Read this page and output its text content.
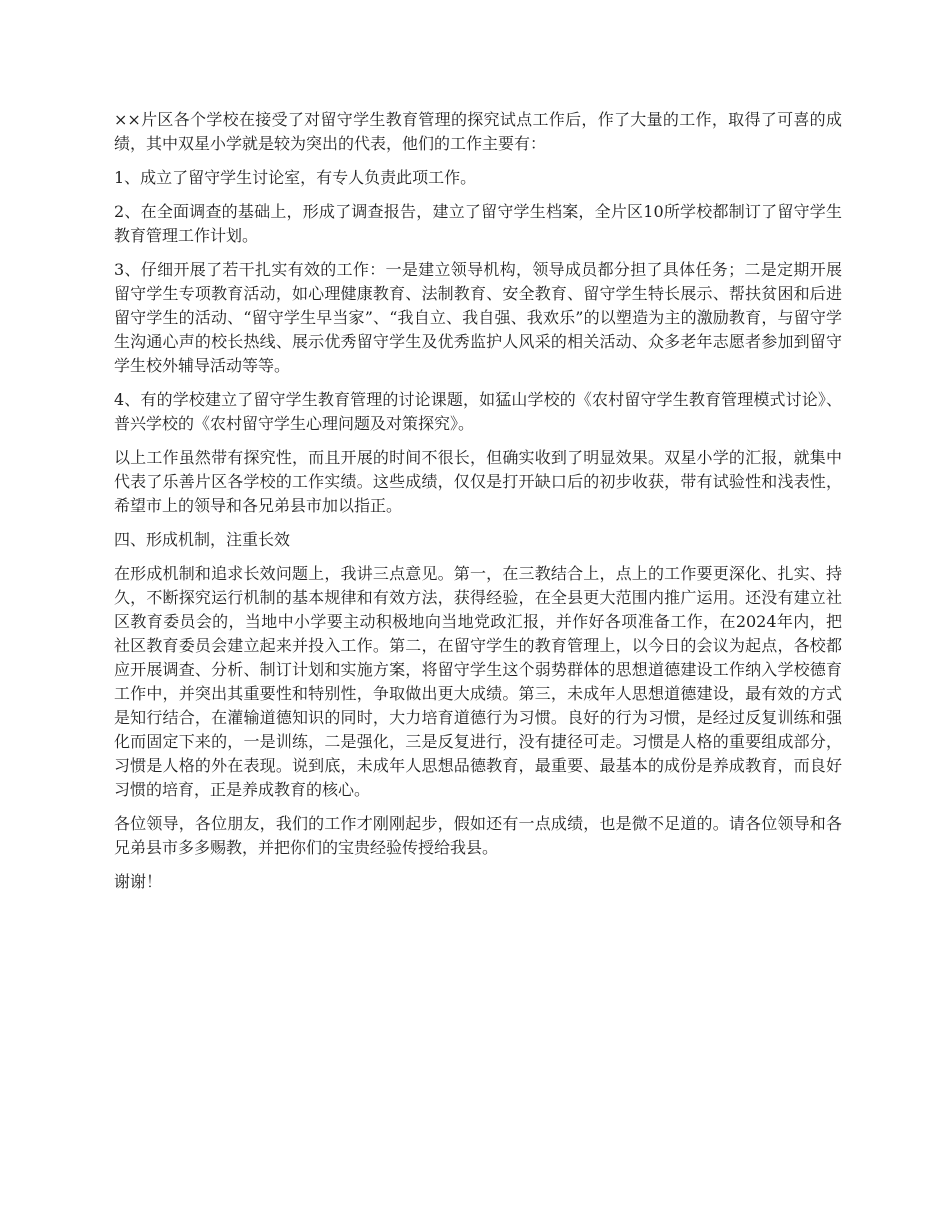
××片区各个学校在接受了对留守学生教育管理的探究试点工作后，作了大量的工作，取得了可喜的成绩，其中双星小学就是较为突出的代表，他们的工作主要有：

1、成立了留守学生讨论室，有专人负责此项工作。

2、在全面调查的基础上，形成了调查报告，建立了留守学生档案，全片区10所学校都制订了留守学生教育管理工作计划。

3、仔细开展了若干扎实有效的工作：一是建立领导机构，领导成员都分担了具体任务；二是定期开展留守学生专项教育活动，如心理健康教育、法制教育、安全教育、留守学生特长展示、帮扶贫困和后进留守学生的活动、“留守学生早当家”、“我自立、我自强、我欢乐”的以塑造为主的激励教育，与留守学生沟通心声的校长热线、展示优秀留守学生及优秀监护人风采的相关活动、众多老年志愿者参加到留守学生校外辅导活动等等。

4、有的学校建立了留守学生教育管理的讨论课题，如猛山学校的《农村留守学生教育管理模式讨论》、普兴学校的《农村留守学生心理问题及对策探究》。

以上工作虽然带有探究性，而且开展的时间不很长，但确实收到了明显效果。双星小学的汇报，就集中代表了乐善片区各学校的工作实绩。这些成绩，仅仅是打开缺口后的初步收获，带有试验性和浅表性，希望市上的领导和各兄弟县市加以指正。

四、形成机制，注重长效

在形成机制和追求长效问题上，我讲三点意见。第一，在三教结合上，点上的工作要更深化、扎实、持久，不断探究运行机制的基本规律和有效方法，获得经验，在全县更大范围内推广运用。还没有建立社区教育委员会的，当地中小学要主动积极地向当地党政汇报，并作好各项准备工作，在2024年内，把社区教育委员会建立起来并投入工作。第二，在留守学生的教育管理上，以今日的会议为起点，各校都应开展调查、分析、制订计划和实施方案，将留守学生这个弱势群体的思想道德建设工作纳入学校德育工作中，并突出其重要性和特别性，争取做出更大成绩。第三，未成年人思想道德建设，最有效的方式是知行结合，在灌输道德知识的同时，大力培育道德行为习惯。良好的行为习惯，是经过反复训练和强化而固定下来的，一是训练，二是强化，三是反复进行，没有捷径可走。习惯是人格的重要组成部分，习惯是人格的外在表现。说到底，未成年人思想品德教育，最重要、最基本的成份是养成教育，而良好习惯的培育，正是养成教育的核心。

各位领导，各位朋友，我们的工作才刚刚起步，假如还有一点成绩，也是微不足道的。请各位领导和各兄弟县市多多赐教，并把你们的宝贵经验传授给我县。

谢谢！
